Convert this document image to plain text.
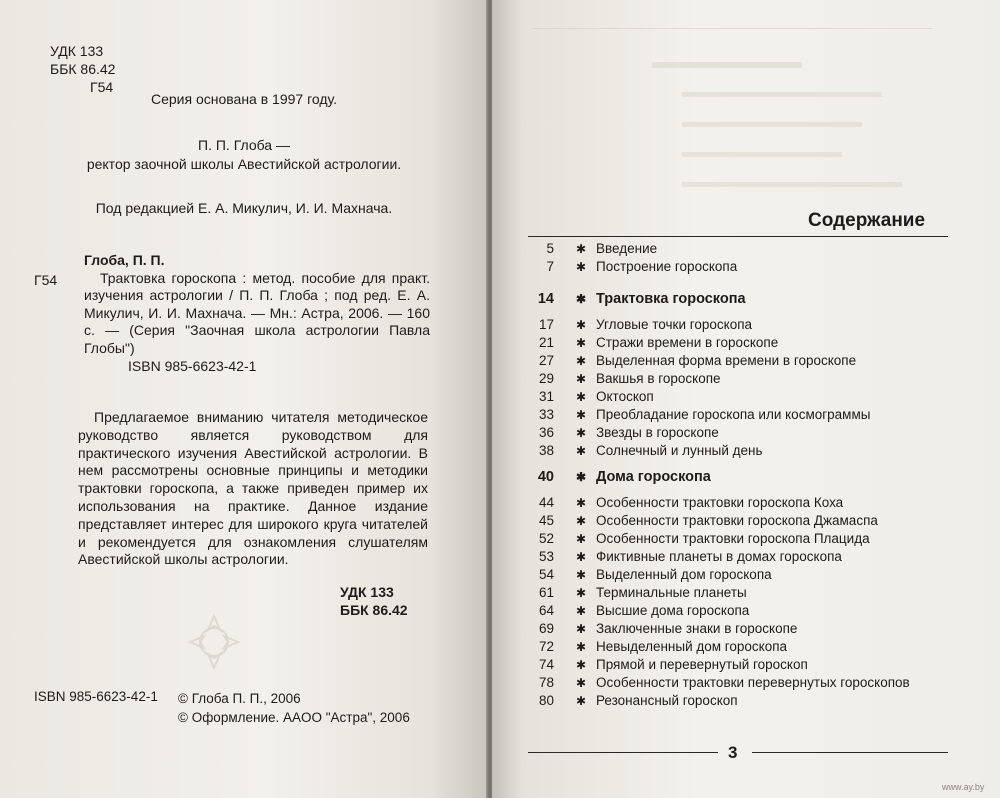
УДК 133
ББК 86.42
Г54
Серия основана в 1997 году.
П. П. Глоба —
ректор заочной школы Авестийской астрологии.
Под редакцией Е. А. Микулич, И. И. Махнача.
Г54
Глоба, П. П.
Трактовка гороскопа : метод. пособие для практ. изучения астрологии / П. П. Глоба ; под ред. Е. А. Микулич, И. И. Махнача. — Мн.: Астра, 2006. — 160 с. — (Серия "Заочная школа астрологии Павла Глобы")
ISBN 985-6623-42-1
Предлагаемое вниманию читателя методическое руководство является руководством для практического изучения Авестийской астрологии. В нем рассмотрены основные принципы и методики трактовки гороскопа, а также приведен пример их использования на практике. Данное издание представляет интерес для широкого круга читателей и рекомендуется для ознакомления слушателям Авестийской школы астрологии.
УДК 133
ББК 86.42
ISBN 985-6623-42-1 © Глоба П. П., 2006
© Оформление. АAOO "Астра", 2006
Содержание
5 ✱ Введение
7 ✱ Построение гороскопа
14 ✱ Трактовка гороскопа
17 ✱ Угловые точки гороскопа
21 ✱ Стражи времени в гороскопе
27 ✱ Выделенная форма времени в гороскопе
29 ✱ Вакшья в гороскопе
31 ✱ Октоскоп
33 ✱ Преобладание гороскопа или космограммы
36 ✱ Звезды в гороскопе
38 ✱ Солнечный и лунный день
40 ✱ Дома гороскопа
44 ✱ Особенности трактовки гороскопа Коха
45 ✱ Особенности трактовки гороскопа Джамаспа
52 ✱ Особенности трактовки гороскопа Плацида
53 ✱ Фиктивные планеты в домах гороскопа
54 ✱ Выделенный дом гороскопа
61 ✱ Терминальные планеты
64 ✱ Высшие дома гороскопа
69 ✱ Заключенные знаки в гороскопе
72 ✱ Невыделенный дом гороскопа
74 ✱ Прямой и перевернутый гороскоп
78 ✱ Особенности трактовки перевернутых гороскопов
80 ✱ Резонансный гороскоп
3
www.ay.by
